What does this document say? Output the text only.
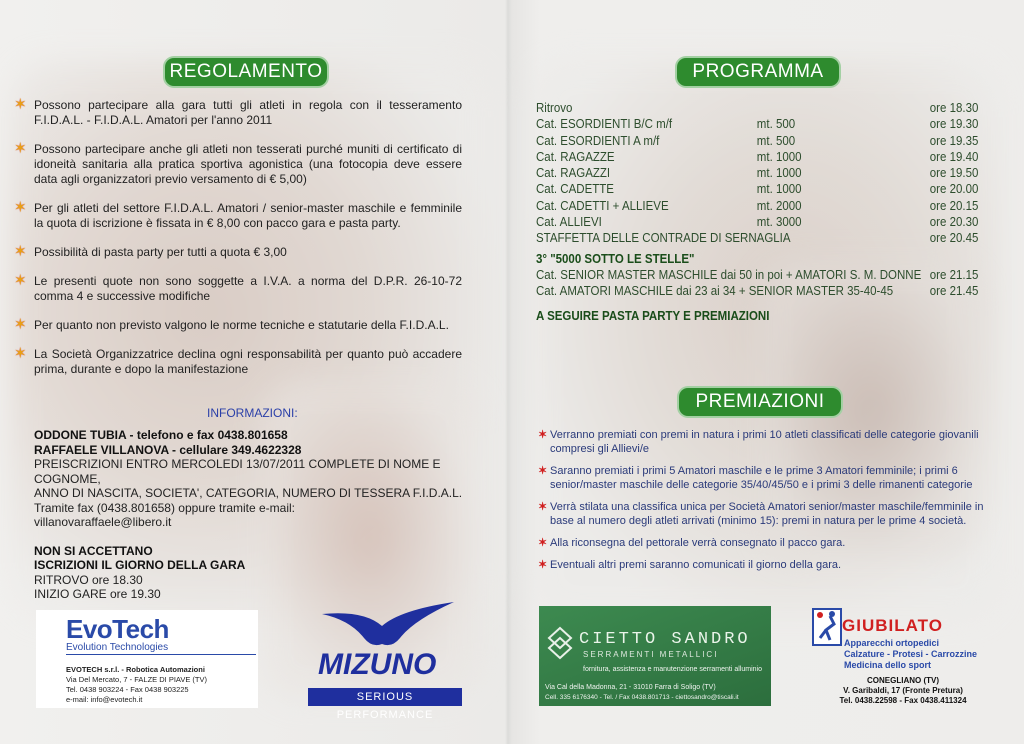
REGOLAMENTO
✶ Possono partecipare alla gara tutti gli atleti in regola con il tesseramento F.I.D.A.L. - F.I.D.A.L. Amatori per l'anno 2011
✶ Possono partecipare anche gli atleti non tesserati purché muniti di certificato di idoneità sanitaria alla pratica sportiva agonistica (una fotocopia deve essere data agli organizzatori previo versamento di € 5,00)
✶ Per gli atleti del settore F.I.D.A.L. Amatori / senior-master maschile e femminile la quota di iscrizione è fissata in € 8,00 con pacco gara e pasta party.
✶ Possibilità di pasta party per tutti a quota € 3,00
✶ Le presenti quote non sono soggette a I.V.A. a norma del D.P.R. 26-10-72 comma 4 e successive modifiche
✶ Per quanto non previsto valgono le norme tecniche e statutarie della F.I.D.A.L.
✶ La Società Organizzatrice declina ogni responsabilità per quanto può accadere prima, durante e dopo la manifestazione
INFORMAZIONI:
ODDONE TUBIA - telefono e fax 0438.801658
RAFFAELE VILLANOVA - cellulare 349.4622328
PREISCRIZIONI ENTRO MERCOLEDI 13/07/2011 COMPLETE DI NOME E COGNOME,
ANNO DI NASCITA, SOCIETA', CATEGORIA, NUMERO DI TESSERA F.I.D.A.L.
Tramite fax (0438.801658) oppure tramite e-mail:
villanovaraffaele@libero.it
NON SI ACCETTANO
ISCRIZIONI IL GIORNO DELLA GARA
RITROVO ore 18.30
INIZIO GARE ore 19.30
EvoTech
Evolution Technologies
EVOTECH s.r.l. - Robotica Automazioni
Via Del Mercato, 7 - FALZE DI PIAVE (TV)
Tel. 0438 903224 - Fax 0438 903225
e-mail: info@evotech.it
MIZUNO
SERIOUS PERFORMANCE
PROGRAMMA
Ritrovo	ore 18.30
Cat. ESORDIENTI B/C m/f	mt. 500	ore 19.30
Cat. ESORDIENTI A m/f	mt. 500	ore 19.35
Cat. RAGAZZE	mt. 1000	ore 19.40
Cat. RAGAZZI	mt. 1000	ore 19.50
Cat. CADETTE	mt. 1000	ore 20.00
Cat. CADETTI + ALLIEVE	mt. 2000	ore 20.15
Cat. ALLIEVI	mt. 3000	ore 20.30
STAFFETTA DELLE CONTRADE DI SERNAGLIA	ore 20.45
3° "5000 SOTTO LE STELLE"
Cat. SENIOR MASTER MASCHILE dai 50 in poi + AMATORI S. M. DONNE ore 21.15
Cat. AMATORI MASCHILE dai 23 ai 34 + SENIOR MASTER 35-40-45	ore 21.45
A SEGUIRE PASTA PARTY E PREMIAZIONI
PREMIAZIONI
✶ Verranno premiati con premi in natura i primi 10 atleti classificati delle categorie giovanili compresi gli Allievi/e
✶ Saranno premiati i primi 5 Amatori maschile e le prime 3 Amatori femminile; i primi 6 senior/master maschile delle categorie 35/40/45/50 e i primi 3 delle rimanenti categorie
✶ Verrà stilata una classifica unica per Società Amatori senior/master maschile/femminile in base al numero degli atleti arrivati (minimo 15): premi in natura per le prime 4 società.
✶ Alla riconsegna del pettorale verrà consegnato il pacco gara.
✶ Eventuali altri premi saranno comunicati il giorno della gara.
CIETTO SANDRO
SERRAMENTI METALLICI
fornitura, assistenza e manutenzione serramenti alluminio
Via Cal della Madonna, 21 - 31010 Farra di Soligo (TV)
Cell. 335 6176340 - Tel. / Fax 0438.801713 - ciettosandro@tiscali.it
GIUBILATO
Apparecchi ortopedici
Calzature - Protesi - Carrozzine
Medicina dello sport
CONEGLIANO (TV)
V. Garibaldi, 17 (Fronte Pretura)
Tel. 0438.22598 - Fax 0438.411324
